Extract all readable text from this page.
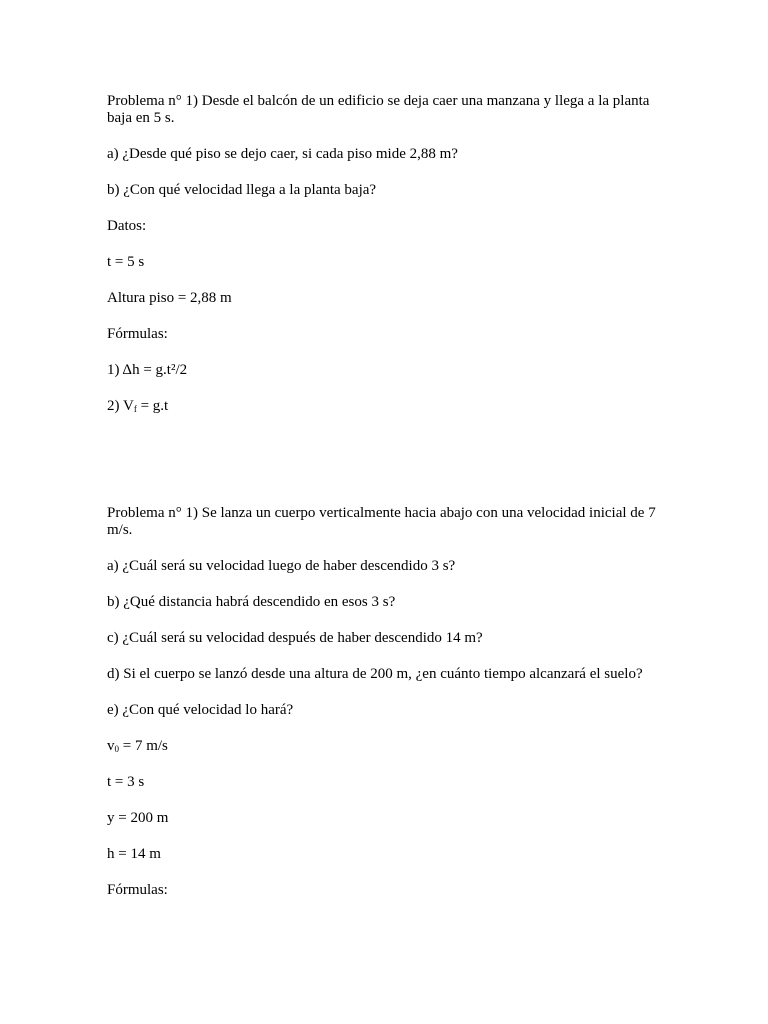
Problema n° 1) Desde el balcón de un edificio se deja caer una manzana y llega a la planta baja en 5 s.

a) ¿Desde qué piso se dejo caer, si cada piso mide 2,88 m?

b) ¿Con qué velocidad llega a la planta baja?

Datos:

t = 5 s

Altura piso = 2,88 m

Fórmulas:

1) Δh = g.t²/2

2) $V_f = g.t$

Problema n° 1) Se lanza un cuerpo verticalmente hacia abajo con una velocidad inicial de 7 m/s.

a) ¿Cuál será su velocidad luego de haber descendido 3 s?

b) ¿Qué distancia habrá descendido en esos 3 s?

c) ¿Cuál será su velocidad después de haber descendido 14 m?

d) Si el cuerpo se lanzó desde una altura de 200 m, ¿en cuánto tiempo alcanzará el suelo?

e) ¿Con qué velocidad lo hará?

$v_0 = 7$ m/s

t = 3 s

y = 200 m

h = 14 m

Fórmulas:
